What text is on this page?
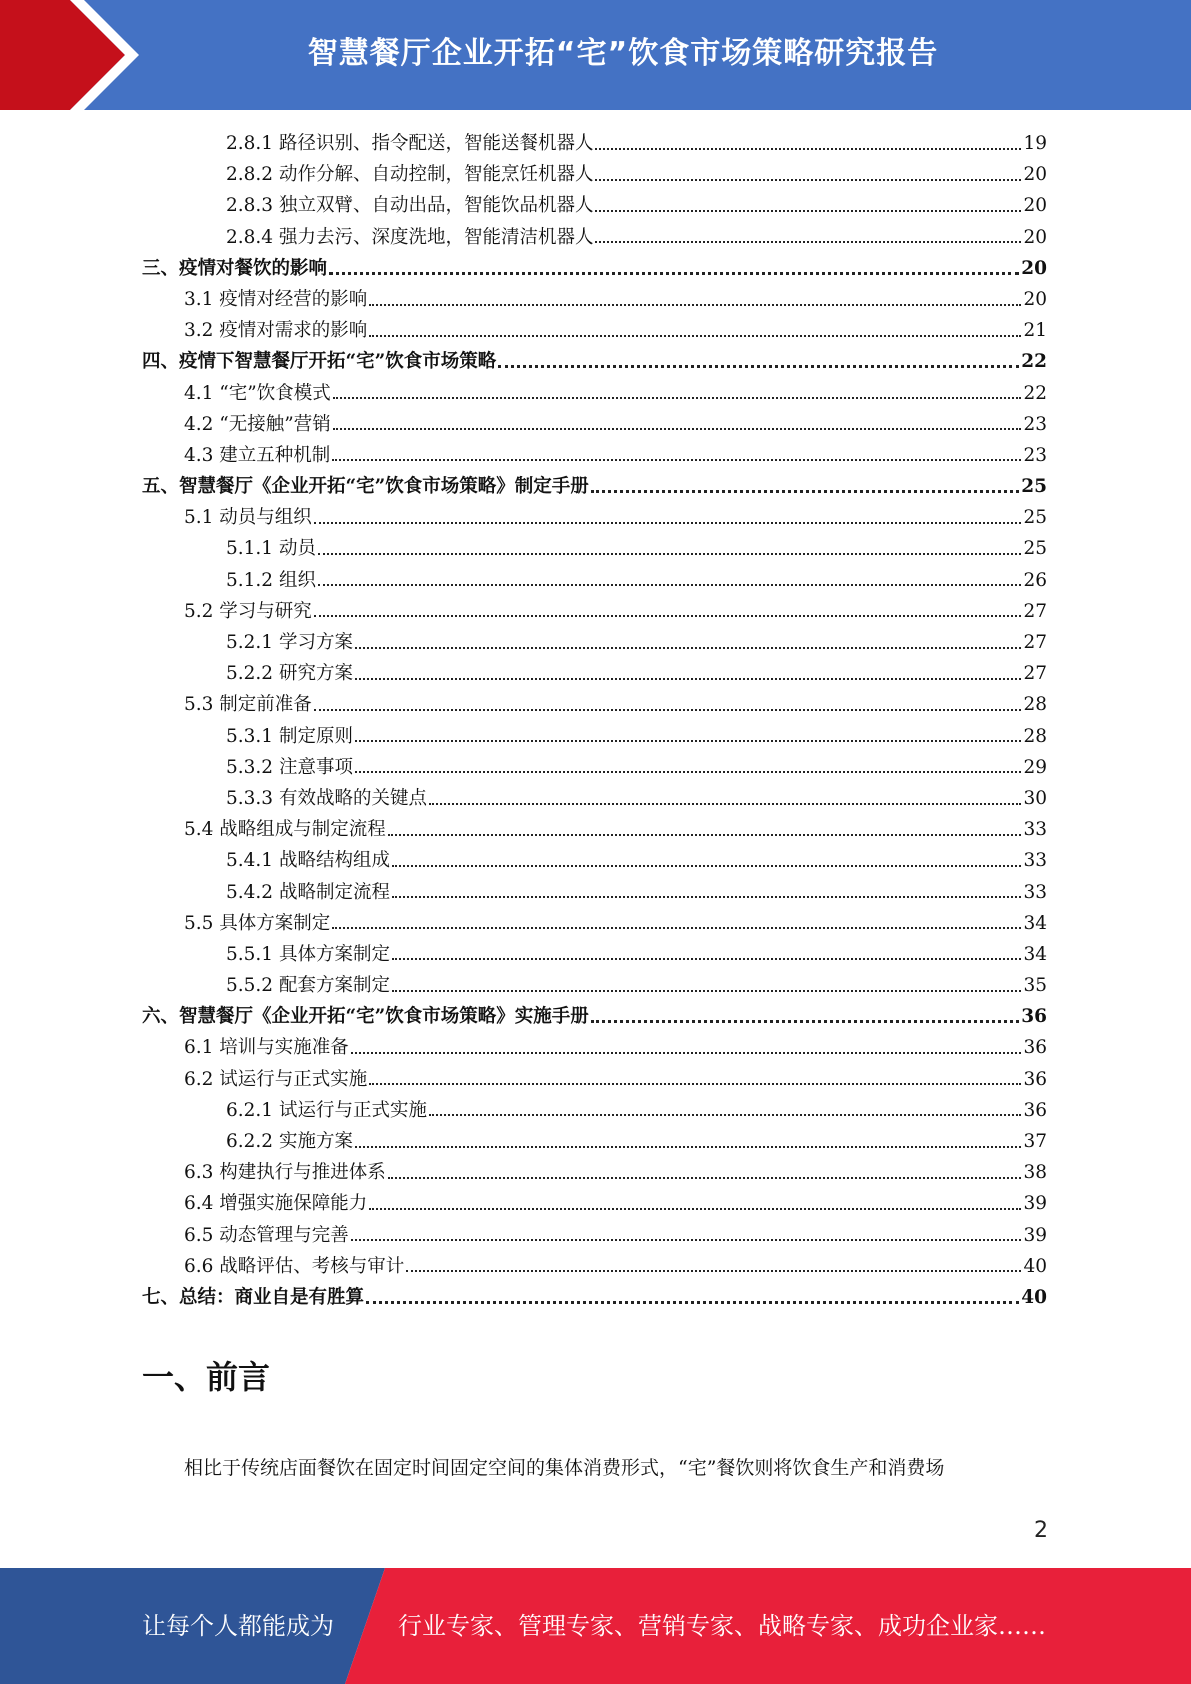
智慧餐厅企业开拓“宅”饮食市场策略研究报告
2.8.1 路径识别、指令配送，智能送餐机器人	19
2.8.2 动作分解、自动控制，智能烹饪机器人	20
2.8.3 独立双臂、自动出品，智能饮品机器人	20
2.8.4 强力去污、深度洗地，智能清洁机器人	20
三、疫情对餐饮的影响	20
3.1 疫情对经营的影响	20
3.2 疫情对需求的影响	21
四、疫情下智慧餐厅开拓“宅”饮食市场策略	22
4.1 “宅”饮食模式	22
4.2 “无接触”营销	23
4.3 建立五种机制	23
五、智慧餐厅《企业开拓“宅”饮食市场策略》制定手册	25
5.1 动员与组织	25
5.1.1 动员	25
5.1.2 组织	26
5.2 学习与研究	27
5.2.1 学习方案	27
5.2.2 研究方案	27
5.3 制定前准备	28
5.3.1 制定原则	28
5.3.2 注意事项	29
5.3.3 有效战略的关键点	30
5.4 战略组成与制定流程	33
5.4.1 战略结构组成	33
5.4.2 战略制定流程	33
5.5 具体方案制定	34
5.5.1 具体方案制定	34
5.5.2 配套方案制定	35
六、智慧餐厅《企业开拓“宅”饮食市场策略》实施手册	36
6.1 培训与实施准备	36
6.2 试运行与正式实施	36
6.2.1 试运行与正式实施	36
6.2.2 实施方案	37
6.3 构建执行与推进体系	38
6.4 增强实施保障能力	39
6.5 动态管理与完善	39
6.6 战略评估、考核与审计	40
七、总结：商业自是有胜算	40
一、前言

相比于传统店面餐饮在固定时间固定空间的集体消费形式，“宅”餐饮则将饮食生产和消费场

2
让每个人都能成为	行业专家、管理专家、营销专家、战略专家、成功企业家……
